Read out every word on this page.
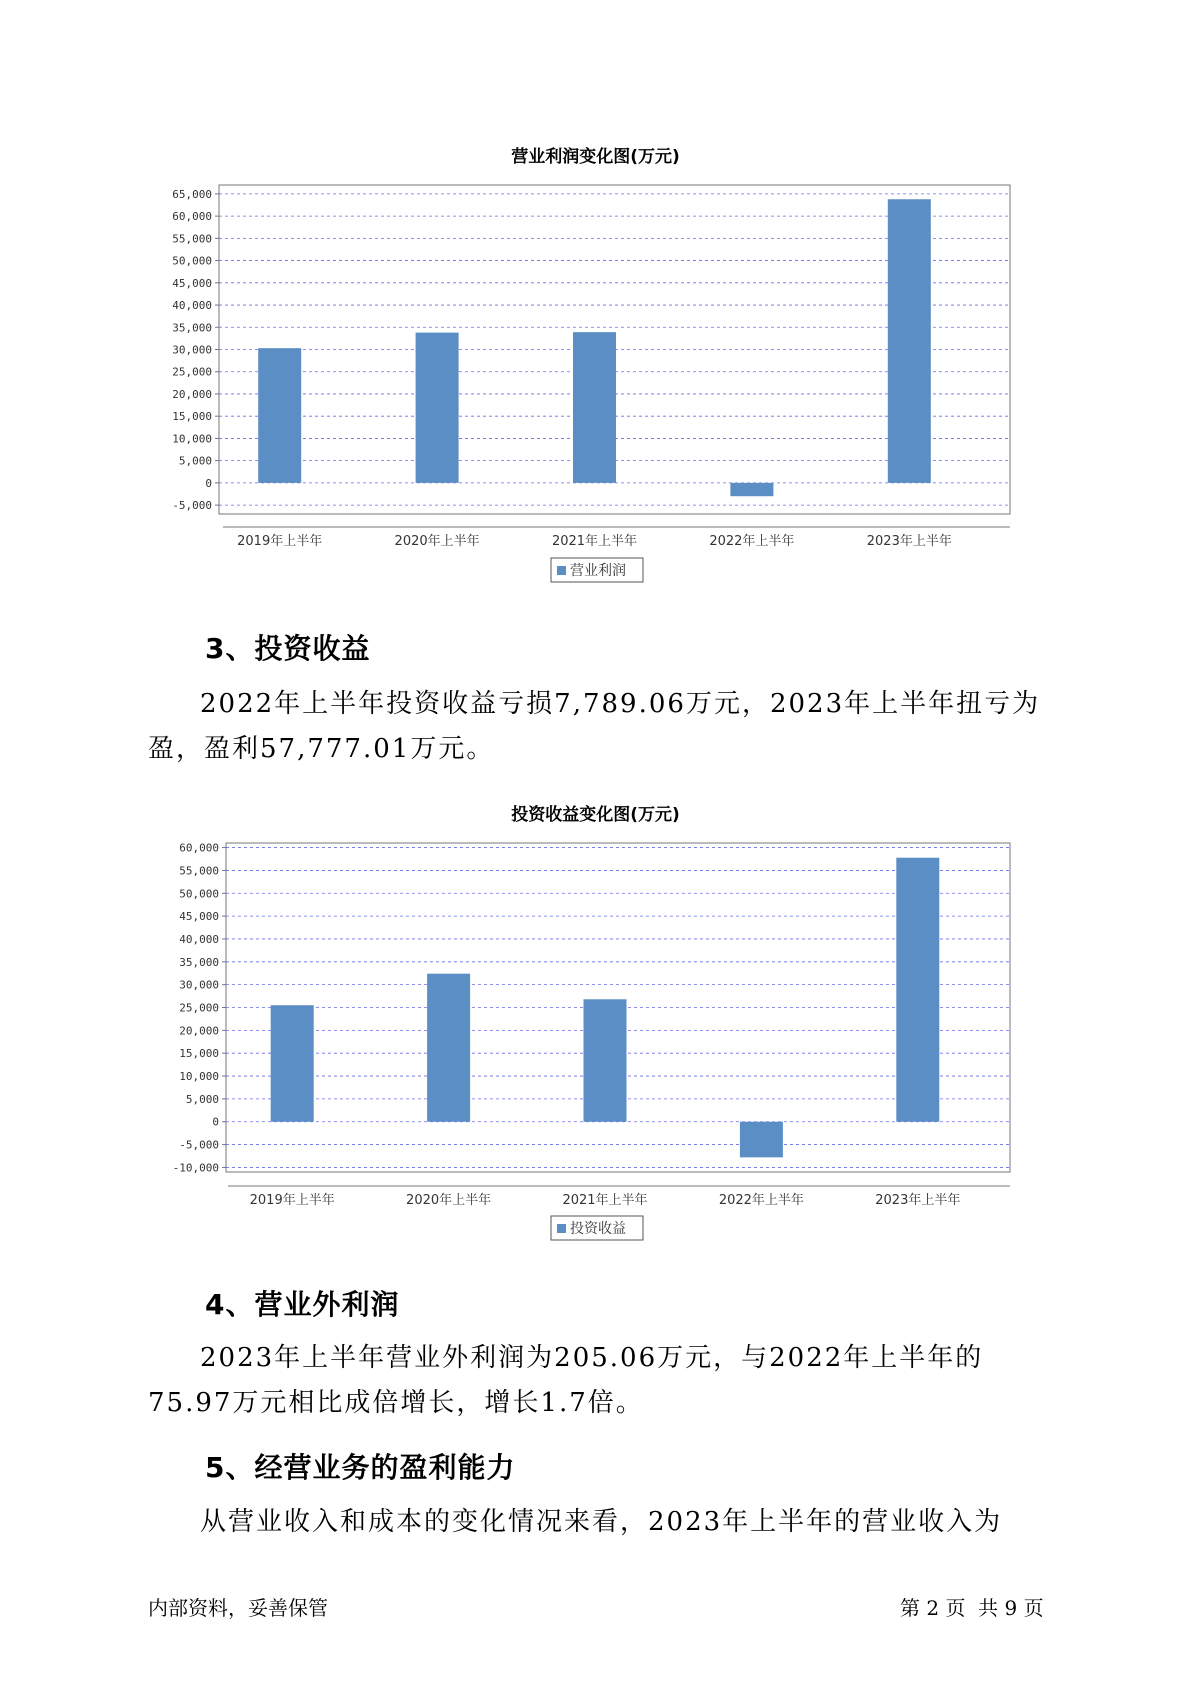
营业利润变化图(万元)
65,000
60,000
55,000
50,000
45,000
40,000
35,000
30,000
25,000
20,000
15,000
10,000
5,000
0
-5,000
2019年上半年	2020年上半年	2021年上半年	2022年上半年	2023年上半年
营业利润
3、投资收益

2022年上半年投资收益亏损7,789.06万元，2023年上半年扭亏为盈，盈利57,777.01万元。

投资收益变化图(万元)
60,000
55,000
50,000
45,000
40,000
35,000
30,000
25,000
20,000
15,000
10,000
5,000
0
-5,000
-10,000
2019年上半年	2020年上半年	2021年上半年	2022年上半年	2023年上半年
投资收益
4、营业外利润

2023年上半年营业外利润为205.06万元，与2022年上半年的75.97万元相比成倍增长，增长1.7倍。

5、经营业务的盈利能力

从营业收入和成本的变化情况来看，2023年上半年的营业收入为

内部资料，妥善保管	第 2 页  共 9 页
